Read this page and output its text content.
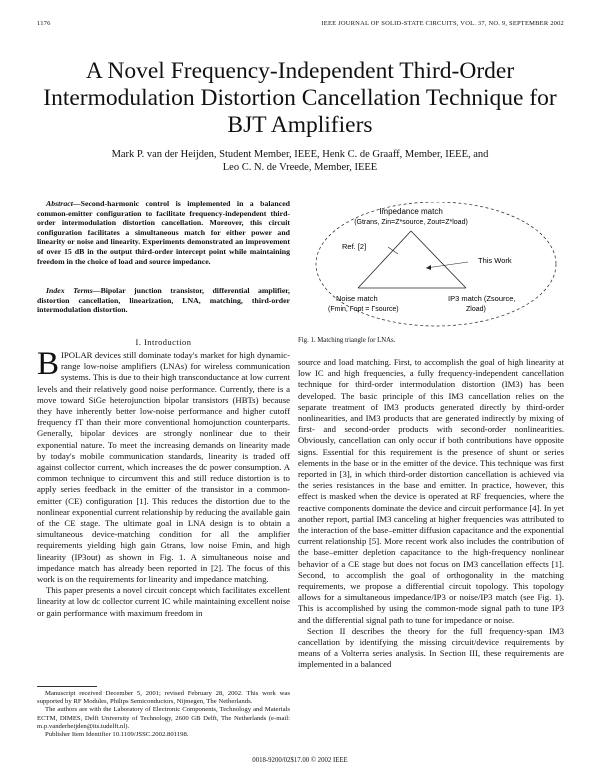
1176	IEEE JOURNAL OF SOLID-STATE CIRCUITS, VOL. 37, NO. 9, SEPTEMBER 2002
A Novel Frequency-Independent Third-Order Intermodulation Distortion Cancellation Technique for BJT Amplifiers
Mark P. van der Heijden, Student Member, IEEE, Henk C. de Graaff, Member, IEEE, and
Leo C. N. de Vreede, Member, IEEE
Abstract—Second-harmonic control is implemented in a balanced common-emitter configuration to facilitate frequency-independent third-order intermodulation distortion cancellation. Moreover, this circuit configuration facilitates a simultaneous match for either power and linearity or noise and linearity. Experiments demonstrated an improvement of over 15 dB in the output third-order intercept point while maintaining freedom in the choice of load and source impedance.
Index Terms—Bipolar junction transistor, differential amplifier, distortion cancellation, linearization, LNA, matching, third-order intermodulation distortion.
I. Introduction

BIPOLAR devices still dominate today's market for high dynamic-range low-noise amplifiers (LNAs) for wireless communication systems. This is due to their high transconductance at low current levels and their relatively good noise performance. Currently, there is a move toward SiGe heterojunction bipolar transistors (HBTs) because they have inherently better low-noise performance and higher cutoff frequency fT than their more conventional homojunction counterparts. Generally, bipolar devices are strongly nonlinear due to their exponential nature. To meet the increasing demands on linearity made by today's mobile communication standards, linearity is traded off against collector current, which increases the dc power consumption. A common technique to circumvent this and still reduce distortion is to apply series feedback in the emitter of the transistor in a common-emitter (CE) configuration [1]. This reduces the distortion due to the nonlinear exponential current relationship by reducing the available gain of the CE stage. The ultimate goal in LNA design is to obtain a simultaneous device-matching condition for all the amplifier requirements yielding high gain Gtrans, low noise Fmin, and high linearity (IP3out) as shown in Fig. 1. A simultaneous noise and impedance match has already been reported in [2]. The focus of this work is on the requirements for linearity and impedance matching.

This paper presents a novel circuit concept which facilitates excellent linearity at low dc collector current IC while maintaining excellent noise or gain performance with maximum freedom in

Manuscript received December 5, 2001; revised February 28, 2002. This work was supported by RF Modules, Philips Semiconductors, Nijmegen, The Netherlands.

The authors are with the Laboratory of Electronic Components, Technology and Materials ECTM, DIMES, Delft University of Technology, 2600 GB Delft, The Netherlands (e-mail: m.p.vanderheijden@its.tudelft.nl).

Publisher Item Identifier 10.1109/JSSC.2002.801198.

Impedance match
(Gtrans, Zin=Z*source, Zout=Z*load)
Ref. [2]
This Work
Noise match
(Fmin, Γopt = Γsource)
IP3 match (Zsource,
Zload)
Fig. 1. Matching triangle for LNAs.

source and load matching. First, to accomplish the goal of high linearity at low IC and high frequencies, a fully frequency-independent cancellation technique for third-order intermodulation distortion (IM3) has been developed. The basic principle of this IM3 cancellation relies on the separate treatment of IM3 products generated directly by third-order nonlinearities, and IM3 products that are generated indirectly by mixing of first- and second-order products with second-order nonlinearities. Obviously, cancellation can only occur if both contributions have opposite signs. Essential for this requirement is the presence of shunt or series elements in the base or in the emitter of the device. This technique was first reported in [3], in which third-order distortion cancellation is achieved via the series resistances in the base and emitter. In practice, however, this effect is masked when the device is operated at RF frequencies, where the reactive components dominate the device and circuit performance [4]. In yet another report, partial IM3 canceling at higher frequencies was attributed to the interaction of the base–emitter diffusion capacitance and the exponential current relationship [5]. More recent work also includes the contribution of the base–emitter depletion capacitance to the high-frequency nonlinear behavior of a CE stage but does not focus on IM3 cancellation effects [1]. Second, to accomplish the goal of orthogonality in the matching requirements, we propose a differential circuit topology. This topology allows for a simultaneous impedance/IP3 or noise/IP3 match (see Fig. 1). This is accomplished by using the common-mode signal path to tune IP3 and the differential signal path to tune for impedance or noise.

Section II describes the theory for the full frequency-span IM3 cancellation by identifying the missing circuit/device requirements by means of a Volterra series analysis. In Section III, these requirements are implemented in a balanced

0018-9200/02$17.00 © 2002 IEEE
